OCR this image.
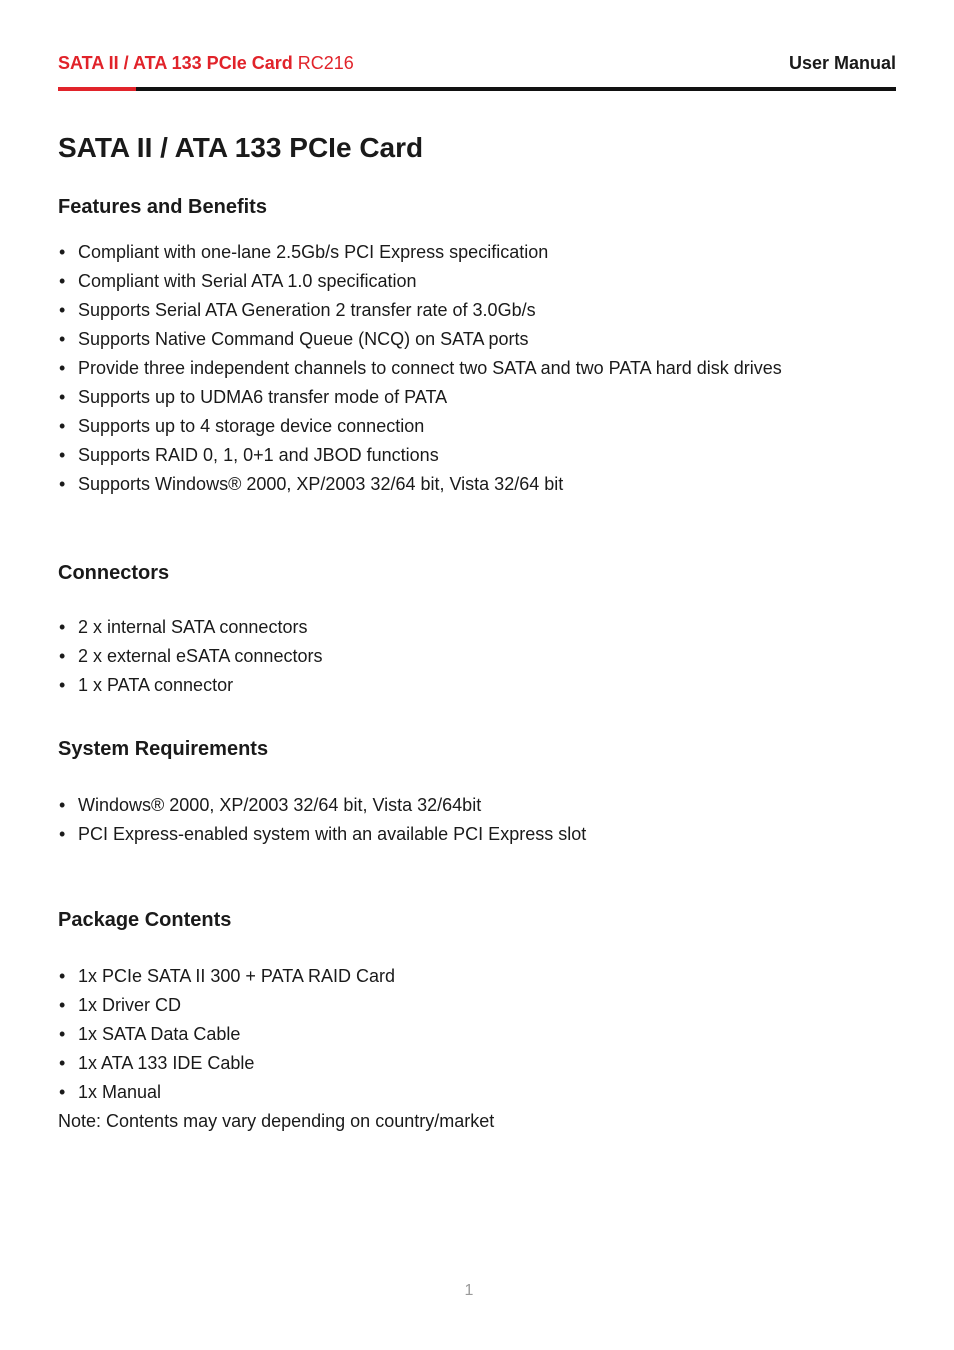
SATA II / ATA 133 PCIe Card RC216	User Manual
SATA II / ATA 133 PCIe Card
Features and Benefits
• Compliant with one-lane 2.5Gb/s PCI Express specification
• Compliant with Serial ATA 1.0 specification
• Supports Serial ATA Generation 2 transfer rate of 3.0Gb/s
• Supports Native Command Queue (NCQ) on SATA ports
• Provide three independent channels to connect two SATA and two PATA hard disk drives
• Supports up to UDMA6 transfer mode of PATA
• Supports up to 4 storage device connection
• Supports RAID 0, 1, 0+1 and JBOD functions
• Supports Windows® 2000, XP/2003 32/64 bit, Vista 32/64 bit
Connectors
• 2 x internal SATA connectors
• 2 x external eSATA connectors
• 1 x PATA connector
System Requirements
• Windows® 2000, XP/2003 32/64 bit, Vista 32/64bit
• PCI Express-enabled system with an available PCI Express slot
Package Contents
• 1x PCIe SATA II 300 + PATA RAID Card
• 1x Driver CD
• 1x SATA Data Cable
• 1x ATA 133 IDE Cable
• 1x Manual
Note: Contents may vary depending on country/market
1
